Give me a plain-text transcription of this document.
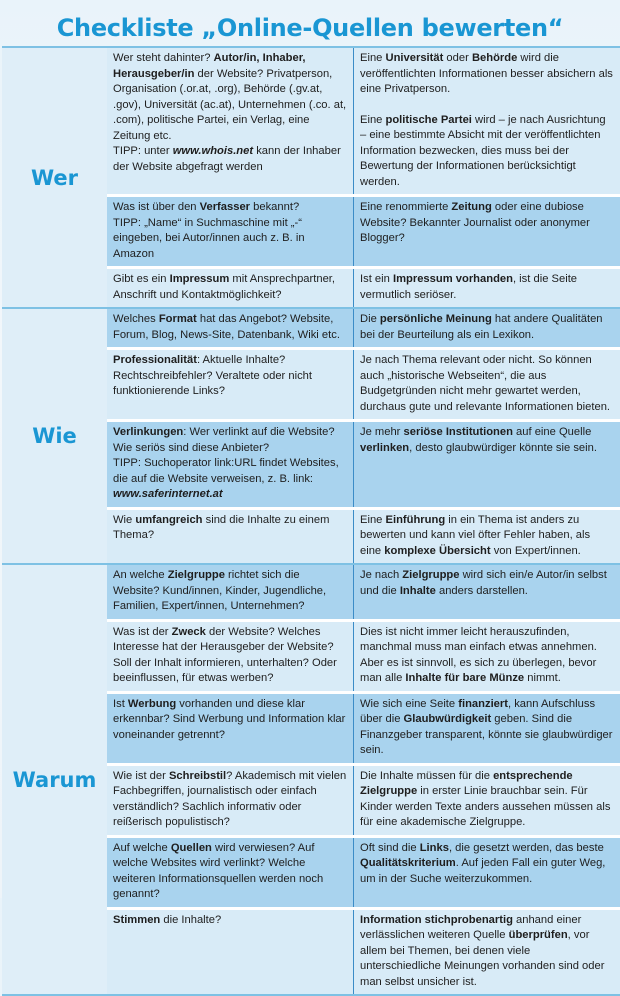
Checkliste „Online-Quellen bewerten“
Wer
Wer steht dahinter? Autor/in, Inhaber, Herausgeber/in der Website? Privatperson, Organisation (.or.at, .org), Behörde (.gv.at, .gov), Universität (ac.at), Unternehmen (.co. at, .com), politische Partei, ein Verlag, eine Zeitung etc.
TIPP: unter www.whois.net kann der Inhaber der Website abgefragt werden
Eine Universität oder Behörde wird die veröffentlichten Informationen besser absichern als eine Privatperson.
Eine politische Partei wird – je nach Ausrichtung – eine bestimmte Absicht mit der veröffentlichten Information bezwecken, dies muss bei der Bewertung der Informationen berücksichtigt werden.
Was ist über den Verfasser bekannt?
TIPP: „Name“ in Suchmaschine mit „-“ eingeben, bei Autor/innen auch z. B. in Amazon
Eine renommierte Zeitung oder eine dubiose Website? Bekannter Journalist oder anonymer Blogger?
Gibt es ein Impressum mit Ansprechpartner, Anschrift und Kontaktmöglichkeit?
Ist ein Impressum vorhanden, ist die Seite vermutlich seriöser.
Wie
Welches Format hat das Angebot? Website, Forum, Blog, News-Site, Datenbank, Wiki etc.
Die persönliche Meinung hat andere Qualitäten bei der Beurteilung als ein Lexikon.
Professionalität: Aktuelle Inhalte? Rechtschreibfehler? Veraltete oder nicht funktionierende Links?
Je nach Thema relevant oder nicht. So können auch „historische Webseiten“, die aus Budgetgründen nicht mehr gewartet werden, durchaus gute und relevante Informationen bieten.
Verlinkungen: Wer verlinkt auf die Website? Wie seriös sind diese Anbieter?
TIPP: Suchoperator link:URL findet Websites, die auf die Website verweisen, z. B. link:
www.saferinternet.at
Je mehr seriöse Institutionen auf eine Quelle verlinken, desto glaubwürdiger könnte sie sein.
Wie umfangreich sind die Inhalte zu einem Thema?
Eine Einführung in ein Thema ist anders zu bewerten und kann viel öfter Fehler haben, als eine komplexe Übersicht von Expert/innen.
Warum
An welche Zielgruppe richtet sich die Website? Kund/innen, Kinder, Jugendliche, Familien, Expert/innen, Unternehmen?
Je nach Zielgruppe wird sich ein/e Autor/in selbst und die Inhalte anders darstellen.
Was ist der Zweck der Website? Welches Interesse hat der Herausgeber der Website? Soll der Inhalt informieren, unterhalten? Oder beeinflussen, für etwas werben?
Dies ist nicht immer leicht herauszufinden, manchmal muss man einfach etwas annehmen. Aber es ist sinnvoll, es sich zu überlegen, bevor man alle Inhalte für bare Münze nimmt.
Ist Werbung vorhanden und diese klar erkennbar? Sind Werbung und Information klar voneinander getrennt?
Wie sich eine Seite finanziert, kann Aufschluss über die Glaubwürdigkeit geben. Sind die Finanzgeber transparent, könnte sie glaubwürdiger sein.
Wie ist der Schreibstil? Akademisch mit vielen Fachbegriffen, journalistisch oder einfach verständlich? Sachlich informativ oder reißerisch populistisch?
Die Inhalte müssen für die entsprechende Zielgruppe in erster Linie brauchbar sein. Für Kinder werden Texte anders aussehen müssen als für eine akademische Zielgruppe.
Auf welche Quellen wird verwiesen? Auf welche Websites wird verlinkt? Welche weiteren Informationsquellen werden noch genannt?
Oft sind die Links, die gesetzt werden, das beste Qualitätskriterium. Auf jeden Fall ein guter Weg, um in der Suche weiterzukommen.
Stimmen die Inhalte?	Information stichprobenartig anhand einer verlässlichen weiteren Quelle überprüfen, vor allem bei Themen, bei denen viele unterschiedliche Meinungen vorhanden sind oder man selbst unsicher ist.
